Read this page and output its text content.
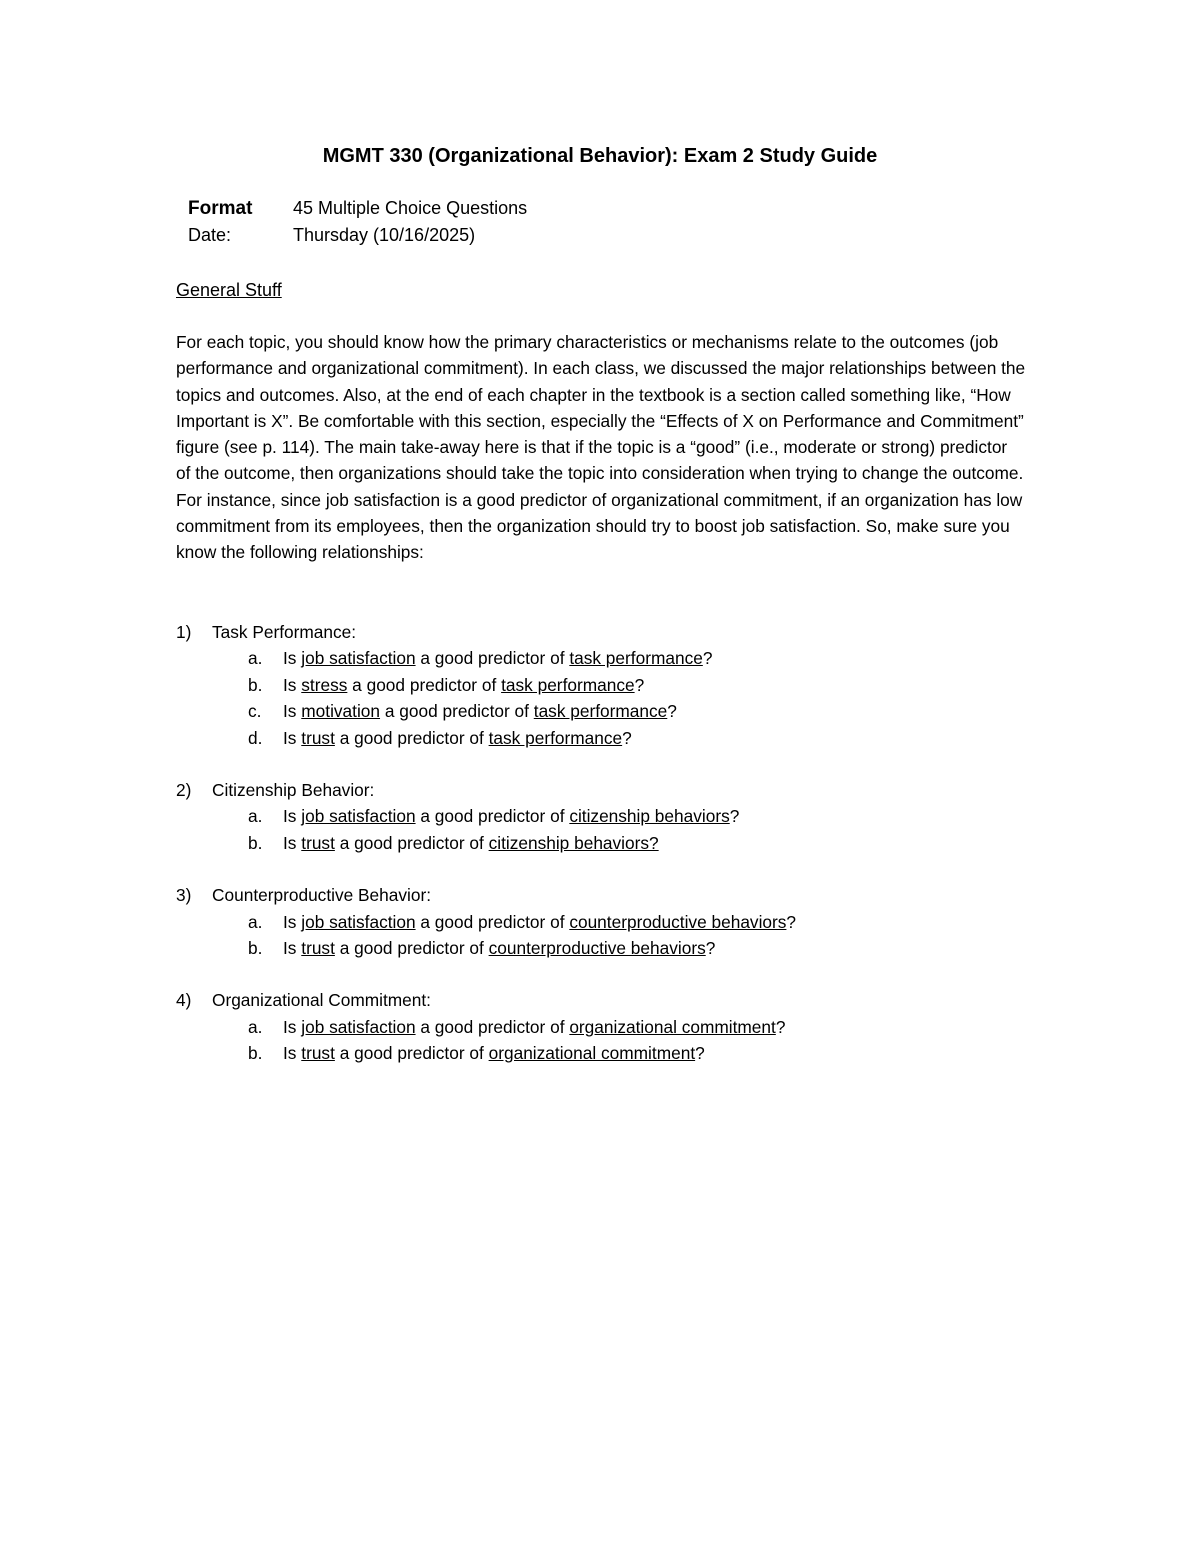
MGMT 330 (Organizational Behavior): Exam 2 Study Guide
Format 45 Multiple Choice Questions
Date:	Thursday (10/16/2025)
General Stuff
For each topic, you should know how the primary characteristics or mechanisms relate to the outcomes (job performance and organizational commitment). In each class, we discussed the major relationships between the topics and outcomes. Also, at the end of each chapter in the textbook is a section called something like, “How Important is X”. Be comfortable with this section, especially the “Effects of X on Performance and Commitment” figure (see p. 114). The main take-away here is that if the topic is a “good” (i.e., moderate or strong) predictor of the outcome, then organizations should take the topic into consideration when trying to change the outcome. For instance, since job satisfaction is a good predictor of organizational commitment, if an organization has low commitment from its employees, then the organization should try to boost job satisfaction. So, make sure you know the following relationships:
1) Task Performance:
a. Is job satisfaction a good predictor of task performance?
b. Is stress a good predictor of task performance?
c. Is motivation a good predictor of task performance?
d. Is trust a good predictor of task performance?
2) Citizenship Behavior:
a. Is job satisfaction a good predictor of citizenship behaviors?
b. Is trust a good predictor of citizenship behaviors?
3) Counterproductive Behavior:
a. Is job satisfaction a good predictor of counterproductive behaviors?
b. Is trust a good predictor of counterproductive behaviors?
4) Organizational Commitment:
a. Is job satisfaction a good predictor of organizational commitment?
b. Is trust a good predictor of organizational commitment?
